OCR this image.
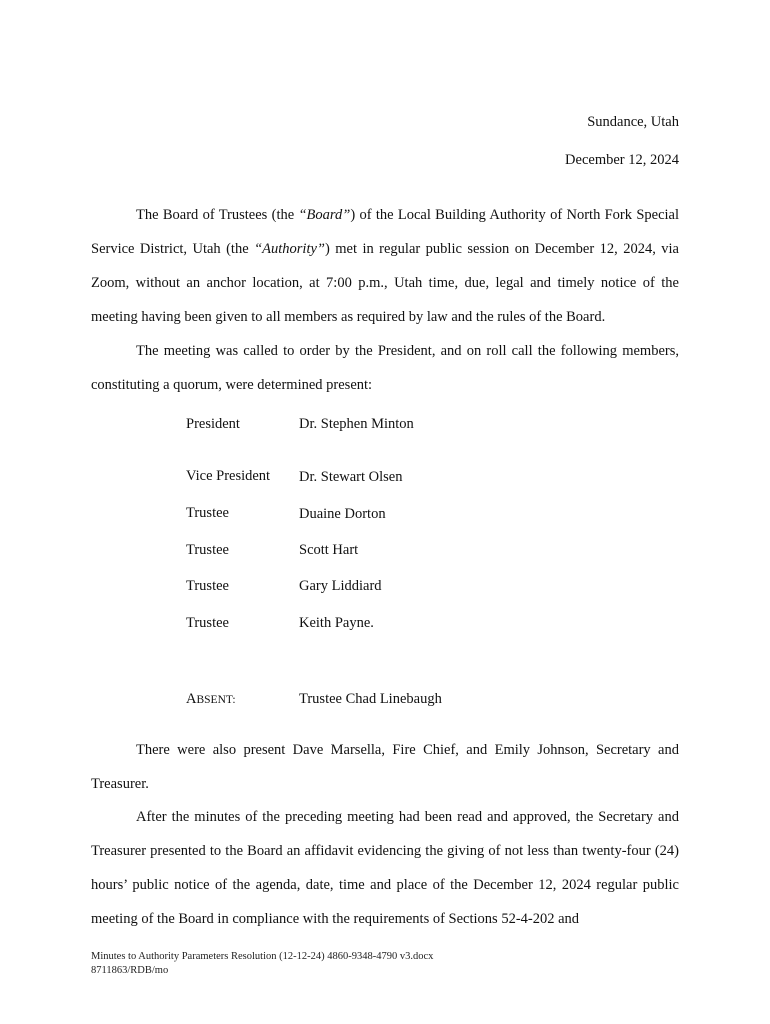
Sundance, Utah
December 12, 2024

The Board of Trustees (the “Board”) of the Local Building Authority of North Fork Special Service District, Utah (the “Authority”) met in regular public session on December 12, 2024, via Zoom, without an anchor location, at 7:00 p.m., Utah time, due, legal and timely notice of the meeting having been given to all members as required by law and the rules of the Board.

The meeting was called to order by the President, and on roll call the following members, constituting a quorum, were determined present:

President	Dr. Stephen Minton
Vice President Dr. Stewart Olsen
Trustee	Duaine Dorton
Trustee	Scott Hart
Trustee	Gary Liddiard
Trustee	Keith Payne.
ABSENT:	Trustee Chad Linebaugh

There were also present Dave Marsella, Fire Chief, and Emily Johnson, Secretary and Treasurer.

After the minutes of the preceding meeting had been read and approved, the Secretary and Treasurer presented to the Board an affidavit evidencing the giving of not less than twenty-four (24) hours’ public notice of the agenda, date, time and place of the December 12, 2024 regular public meeting of the Board in compliance with the requirements of Sections 52-4-202 and

Minutes to Authority Parameters Resolution (12-12-24) 4860-9348-4790 v3.docx
8711863/RDB/mo
